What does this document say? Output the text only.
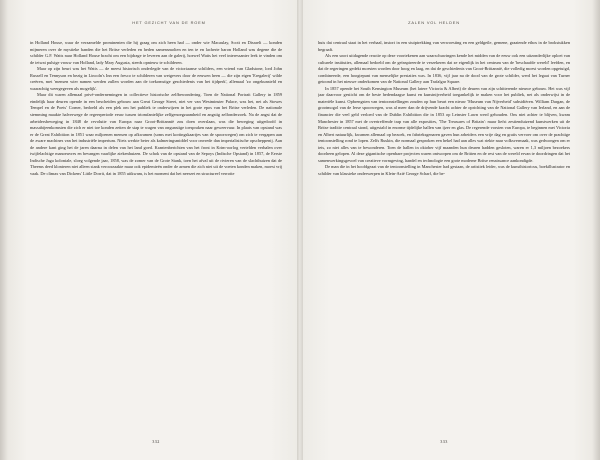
HET GEZICHT VAN DE ROEM

in Holland House, waar de verzamelde prominenten die hij graag om zich heen had — onder wie Macaulay, Scott en Disraeli — konden mijmeren over de mystieke banden die het Britse verleden en heden samensmolten en ten te en lacherie baron Holland was degene die de schilder G.F. Watts naar Holland House bracht om een bijdrage te leveren aan de galerij, hoewel Watts het veel interessanter leek te vinden om de ietwat pulsige vrouw van Holland, lady Mary Augusta, steeds opnieuw te schilderen.

Maar op zijn beurt was het Watts — de meest historisch onderlegde van de victoriaanse schilders, een vriend van Gladstone, lord John Russell en Tennyson en bezig in Lincoln's Inn een fresco te schilderen van wetgevers door de eeuwen heen — die zijn eigen 'Eregalerij' wilde creëren, met 'mensen wier namen werden zullen worden aan de toekomstige geschiedenis van het tijdperk', allemaal 'zo ongekunsteld en waarachtig weergegeven als mogelijk'.

Maar dit waren allemaal privé-ondernemingen in collectieve historische zelfbewondering. Toen de National Portrait Gallery in 1859 eindelijk haar deuren opende in een bescheiden gebouw aan Great George Street, niet ver van Westminster Palace, was het, net als Stowes Tempel en de Poets' Corner, bedoeld als een plek om het publiek te onderwijzen in het grote epos van het Britse verleden. De nationale stemming maakte halverwege de regeerperiode eeuw tussen triomfantelijke zelfgenoegzaamheid en angstig zelfonderzoek. Na de angst dat de arbeidersbeweging in 1848 de revolutie van Europa naar Groot-Brittannië zou doen overslaan, was die beweging uitgedoofd in massabijeenkomsten die zich er niet toe konden zetten de stap te wagen van ongunstige toespraken naar geweervuur. In plaats van opstand was er de Great Exhibition in 1851 waar miljoenen mensen op afkwamen (soms met kortingskaartjes van de spoorwegen) om zich te vergapen aan de zware machines van het industriële imperium. Niets werkte beter als kalmeringsmiddel voor onvrede dan imperialistische opscheppenij. Aan de andere kant ging het de jaren daarna in delen van het land goed. Krantenberichten van het front in Krim-oorlog vertelden verhalen over twijfelachtige manoeuvres en bevangen vaarlijke ziekenhuizen. De schok van de opstand van de Sepoys (Indische Opstand) in 1857, de Eerste Indische Jaga koloniale, sloeg volgende jaar, 1858, was de zomer van de Grote Stank, toen het afval uit de rivieren van de slachthuizen dat de Theems deed klonteren niet alleen stank veroorzaakte maar ook epidemieën onder de armen die zich niet uit de voeten konden maken, moest vrij vaak. De climax van Dickens' Little Dorrit, dat in 1855 uitkwam, is het moment dat het neerzet en structureel verrotte

332
ZALEN VOL HELDEN

huis dat centraal staat in het verhaal, instort in een stuiptrekking van verwoesting en een geldgeile, gemene, graaiende ethos in de brokstukken begraaft.

Als een soort uitdagende reactie op deze voortekenen aan waarschuwingen kende het midden van de eeuw ook een uitzonderlijke oploei van culturele instituties, allemaal bedoeld om de geïnspireerde te verzekeren dat ze eigenlijk in het centrum van de 'beschaafde wereld' leefden, en dat de regeringen gedekt moesten worden door hoog en laag, en dat de geschiedenis van Groot-Brittannië, die volledig moest worden opgetuigd, combineerde, een hoogtepunt van menselijke prestaties was. In 1836, vijf jaar na de dood van de grote schilder, werd het legaat van Turner getoond in het nieuwe onderkomen van de National Gallery aan Trafalgar Square.

In 1857 opende het South Kensington Museum (het latere Victoria & Albert) de deuren van zijn schitterende nieuwe gebouw. Het was vijf jaar daarvoor gesticht om de beste hedendaagse kunst en kunstnijverheid toegankelijk te maken voor het publiek, net als onderwijst in de materiële kunst. Opbrengsten van tentoonstellingen zouden op hun beurt een nieuw 'Museum van Nijverheid' subsidiëren. William Dargan, de grootmogol van de Ierse spoorwegen, was al meer dan de drijvende kracht achter de oprichting van de National Gallery van Ierland, en aan de financier die veel geld verloed van de Dublin Exhibition die in 1853 op Leinster Lawn werd gehouden. Ons niet achter te blijven, kwam Manchester in 1857 met de overtreffende trap van alle exposities, 'The Treasures of Britain': maar liefst zestienduizend kunstwerken uit de Britse traditie centraal stond, uitgestald in enorme tijdelijke hallen van ijzer en glas. De regerende vorsten van Europa, te beginnen met Victoria en Albert natuurlijk, kwamen allemaal op bezoek, en fabrieksgenaren gaven hun arbeiders een vrije dag en gratis vervoer om over de prachtige tentoonstelling rond te lopen. Zelfs Ruskin, die normaal gesproken een hekel had aan alles wat riekte naar volksvermaak, was gedwongen om er iets, zo niet alles van te bewonderen. Toen de hallen in oktober vijf maanden hun deuren hadden gesloten, waren er 1,3 miljoen bezoekers doorheen gelopen. Al deze gigantische openbare projecten waren ontworpen om de Britten en de rest van de wereld ervan te doordringen dat het samenwerkingsgevoel van creatieve vormgeving, handel en technologie een grote moderne Britse renaissance aankondigde.

De man die in het hoofdgeaat van de tentoonstelling in Manchester had gestaan, de artistiek leider, was de kunsthistoricus, boekillustrator en schilder van klassieke onderwerpen in Klein-Azië George Scharf, die be-

333
